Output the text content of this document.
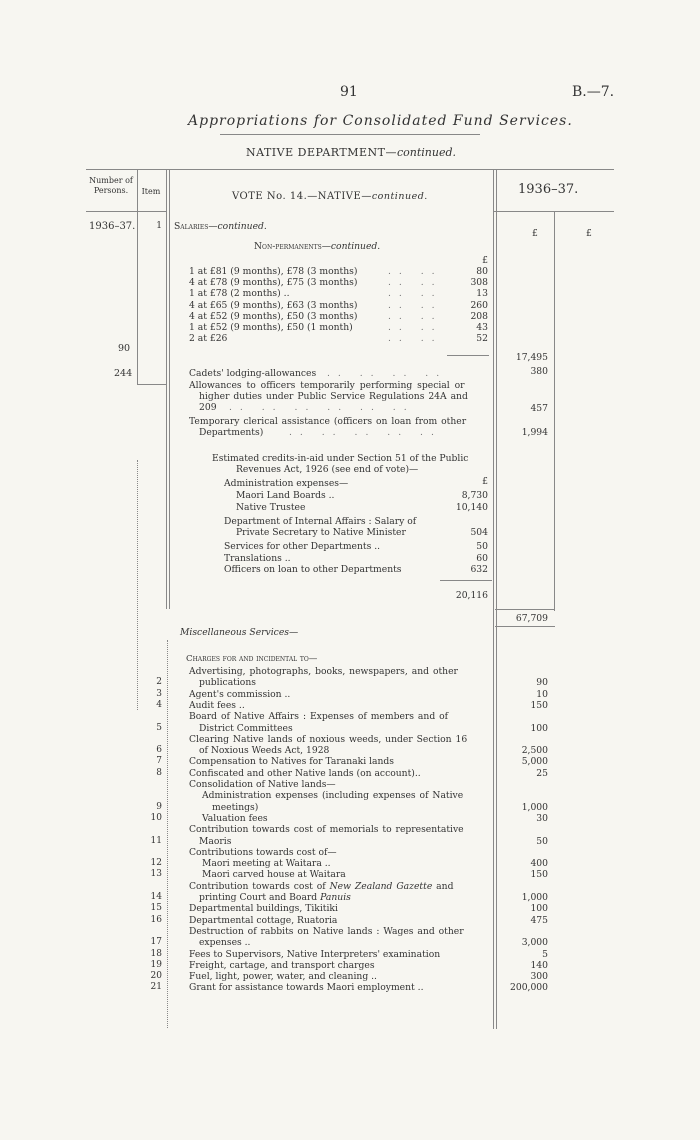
91	B.—7.
Appropriations for Consolidated Fund Services.
NATIVE DEPARTMENT—continued.
Number of Persons.	Item	VOTE No. 14.—NATIVE—continued.	1936–37.
1936–37.	1 Salaries—continued.
£	£
Non-permanents—continued.
£
1 at £81 (9 months), £78 (3 months)	.. ..	80
4 at £78 (9 months), £75 (3 months)	.. ..	308
1 at £78 (2 months) ..	.. ..	13
4 at £65 (9 months), £63 (3 months)	.. ..	260
4 at £52 (9 months), £50 (3 months)	.. ..	208
1 at £52 (9 months), £50 (1 month)	.. ..	43
2 at £26	.. ..	52
90
17,495
244	Cadets' lodging-allowances .. .. .. ..	380
Allowances to officers temporarily performing special or
higher duties under Public Service Regulations 24A and
209 .. .. .. .. .. ..	457
Temporary clerical assistance (officers on loan from other
Departments)	.. .. .. .. ..	1,994
Estimated credits-in-aid under Section 51 of the Public
Revenues Act, 1926 (see end of vote)—
£
Administration expenses—
Maori Land Boards ..	8,730
Native Trustee	10,140
Department of Internal Affairs : Salary of
Private Secretary to Native Minister	504
Services for other Departments ..	50
Translations ..	60
Officers on loan to other Departments	632
20,116
67,709
Miscellaneous Services—
Charges for and incidental to—
2
Advertising, photographs, books, newspapers, and other
publications	90
3	Agent's commission ..	10
4	Audit fees ..	150
5
Board of Native Affairs : Expenses of members and of
District Committees	100
6
Clearing Native lands of noxious weeds, under Section 16
of Noxious Weeds Act, 1928	2,500
7	Compensation to Natives for Taranaki lands	5,000
8	Confiscated and other Native lands (on account)..	25
Consolidation of Native lands—
9
Administration expenses (including expenses of Native
meetings)	1,000
10	Valuation fees	30
11
Contribution towards cost of memorials to representative
Maoris	50
Contributions towards cost of—
12	Maori meeting at Waitara ..	400
13	Maori carved house at Waitara	150
14
Contribution towards cost of New Zealand Gazette and
printing Court and Board Panuis	1,000
15	Departmental buildings, Tikitiki	100
16	Departmental cottage, Ruatoria	475
17
Destruction of rabbits on Native lands : Wages and other
expenses ..	3,000
18	Fees to Supervisors, Native Interpreters' examination	5
19	Freight, cartage, and transport charges	140
20	Fuel, light, power, water, and cleaning ..	300
21	Grant for assistance towards Maori employment ..	200,000
